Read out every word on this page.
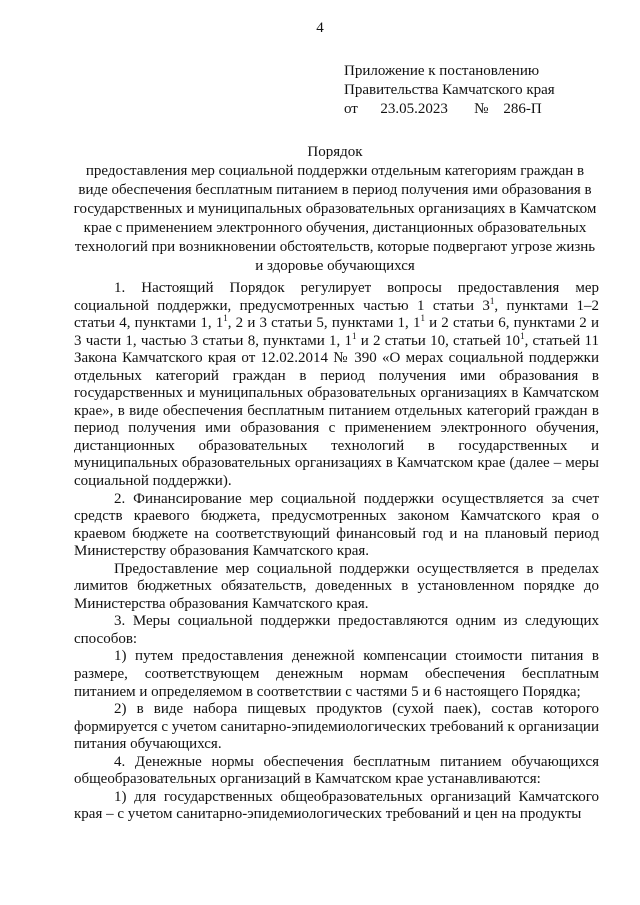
4
Приложение к постановлению
Правительства Камчатского края
от      23.05.2023       №    286-П
Порядок
предоставления мер социальной поддержки отдельным категориям граждан в виде обеспечения бесплатным питанием в период получения ими образования в государственных и муниципальных образовательных организациях в Камчатском крае с применением электронного обучения, дистанционных образовательных технологий при возникновении обстоятельств, которые подвергают угрозе жизнь и здоровье обучающихся

1. Настоящий Порядок регулирует вопросы предоставления мер социальной поддержки, предусмотренных частью 1 статьи $3^1$, пунктами 1–2 статьи 4, пунктами 1, $1^1$, 2 и 3 статьи 5, пунктами 1, $1^1$ и 2 статьи 6, пунктами 2 и 3 части 1, частью 3 статьи 8, пунктами 1, $1^1$ и 2 статьи 10, статьей $10^1$, статьей 11 Закона Камчатского края от 12.02.2014 № 390 «О мерах социальной поддержки отдельных категорий граждан в период получения ими образования в государственных и муниципальных образовательных организациях в Камчатском крае», в виде обеспечения бесплатным питанием отдельных категорий граждан в период получения ими образования с применением электронного обучения, дистанционных образовательных технологий в государственных и муниципальных образовательных организациях в Камчатском крае (далее – меры социальной поддержки).

2. Финансирование мер социальной поддержки осуществляется за счет средств краевого бюджета, предусмотренных законом Камчатского края о краевом бюджете на соответствующий финансовый год и на плановый период Министерству образования Камчатского края.

Предоставление мер социальной поддержки осуществляется в пределах лимитов бюджетных обязательств, доведенных в установленном порядке до Министерства образования Камчатского края.

3. Меры социальной поддержки предоставляются одним из следующих способов:

1) путем предоставления денежной компенсации стоимости питания в размере, соответствующем денежным нормам обеспечения бесплатным питанием и определяемом в соответствии с частями 5 и 6 настоящего Порядка;

2) в виде набора пищевых продуктов (сухой паек), состав которого формируется с учетом санитарно-эпидемиологических требований к организации питания обучающихся.

4. Денежные нормы обеспечения бесплатным питанием обучающихся общеобразовательных организаций в Камчатском крае устанавливаются:

1) для государственных общеобразовательных организаций Камчатского края – с учетом санитарно-эпидемиологических требований и цен на продукты
